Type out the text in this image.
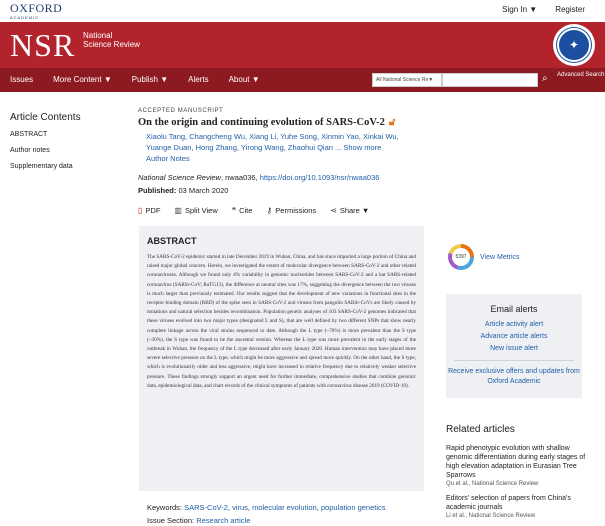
OXFORD
ACADEMIC
Sign In ▼ Register
NSR National Science Review	✦
Issues	More Content ▼	Publish ▼	Alerts	About ▼	All National Science Re▼	⌕	Advanced Search
Article Contents
ABSTRACT
Author notes
Supplementary data
ACCEPTED MANUSCRIPT
On the origin and continuing evolution of SARS-CoV-2 🔓︎
Xiaolu Tang, Changcheng Wu, Xiang Li, Yuhe Song, Xinmin Yao, Xinkai Wu,
Yuange Duan, Hong Zhang, Yirong Wang, Zhaohui Qian ... Show more
Author Notes
National Science Review, nwaa036, https://doi.org/10.1093/nsr/nwaa036
Published: 03 March 2020
▯ PDF ▥ Split View ❝ Cite ⚷ Permissions ⋖ Share ▼
ABSTRACT
The SARS-CoV-2 epidemic started in late December 2019 in Wuhan, China, and has since impacted a large portion of China and raised major global concern. Herein, we investigated the extent of molecular divergence between SARS-CoV-2 and other related coronaviruses. Although we found only 4% variability in genomic nucleotides between SARS-CoV-2 and a bat SARS-related coronavirus (SARSr-CoV; RaTG13), the difference at neutral sites was 17%, suggesting the divergence between the two viruses is much larger than previously estimated. Our results suggest that the development of new variations in functional sites in the receptor-binding domain (RBD) of the spike seen in SARS-CoV-2 and viruses from pangolin SARSr-CoVs are likely caused by mutations and natural selection besides recombination. Population genetic analyses of 103 SARS-CoV-2 genomes indicated that these viruses evolved into two major types (designated L and S), that are well defined by two different SNPs that show nearly complete linkage across the viral strains sequenced to date. Although the L type (~70%) is more prevalent than the S type (~30%), the S type was found to be the ancestral version. Whereas the L type was more prevalent in the early stages of the outbreak in Wuhan, the frequency of the L type decreased after early January 2020. Human intervention may have placed more severe selective pressure on the L type, which might be more aggressive and spread more quickly. On the other hand, the S type, which is evolutionarily older and less aggressive, might have increased in relative frequency due to relatively weaker selective pressure. These findings strongly support an urgent need for further immediate, comprehensive studies that combine genomic data, epidemiological data, and chart records of the clinical symptoms of patients with coronavirus disease 2019 (COVID-19).
Keywords: SARS-CoV-2, virus, molecular evolution, population genetics
Issue Section: Research article
5397	View Metrics
Email alerts
Article activity alert
Advance article alerts
New issue alert
Receive exclusive offers and updates from Oxford Academic
Related articles
Rapid phenotypic evolution with shallow genomic differentiation during early stages of high elevation adaptation in Eurasian Tree Sparrows
Qu et al., National Science Review
Editors' selection of papers from China's academic journals
Li et al., National Science Review
